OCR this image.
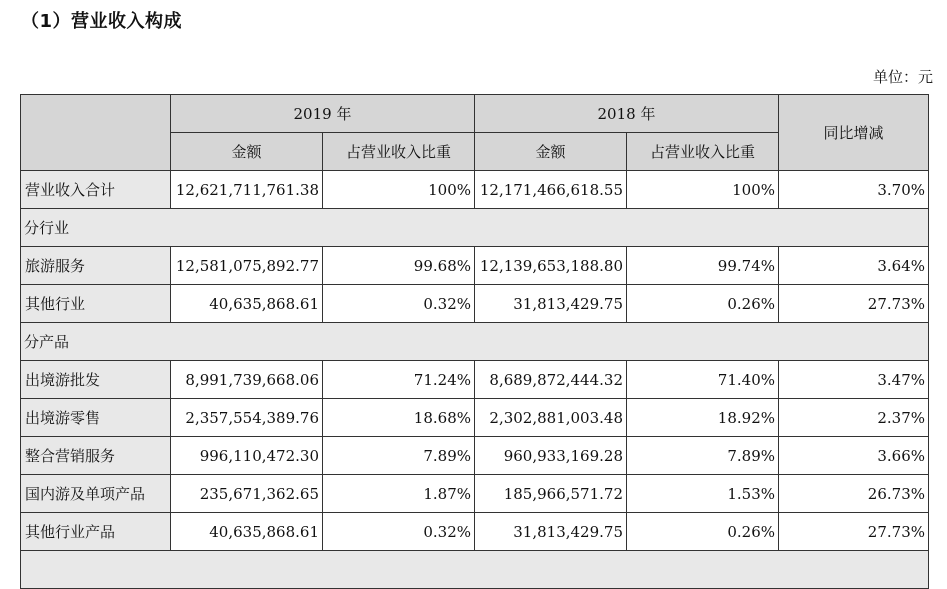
（1）营业收入构成
单位：元
	2019 年		2018 年		同比增减
	金额	占营业收入比重	金额	占营业收入比重	
营业收入合计	12,621,711,761.38	100%	12,171,466,618.55	100%	3.70%
分行业					
旅游服务	12,581,075,892.77	99.68%	12,139,653,188.80	99.74%	3.64%
其他行业	40,635,868.61	0.32%	31,813,429.75	0.26%	27.73%
分产品					
出境游批发	8,991,739,668.06	71.24%	8,689,872,444.32	71.40%	3.47%
出境游零售	2,357,554,389.76	18.68%	2,302,881,003.48	18.92%	2.37%
整合营销服务	996,110,472.30	7.89%	960,933,169.28	7.89%	3.66%
国内游及单项产品	235,671,362.65	1.87%	185,966,571.72	1.53%	26.73%
其他行业产品	40,635,868.61	0.32%	31,813,429.75	0.26%	27.73%
